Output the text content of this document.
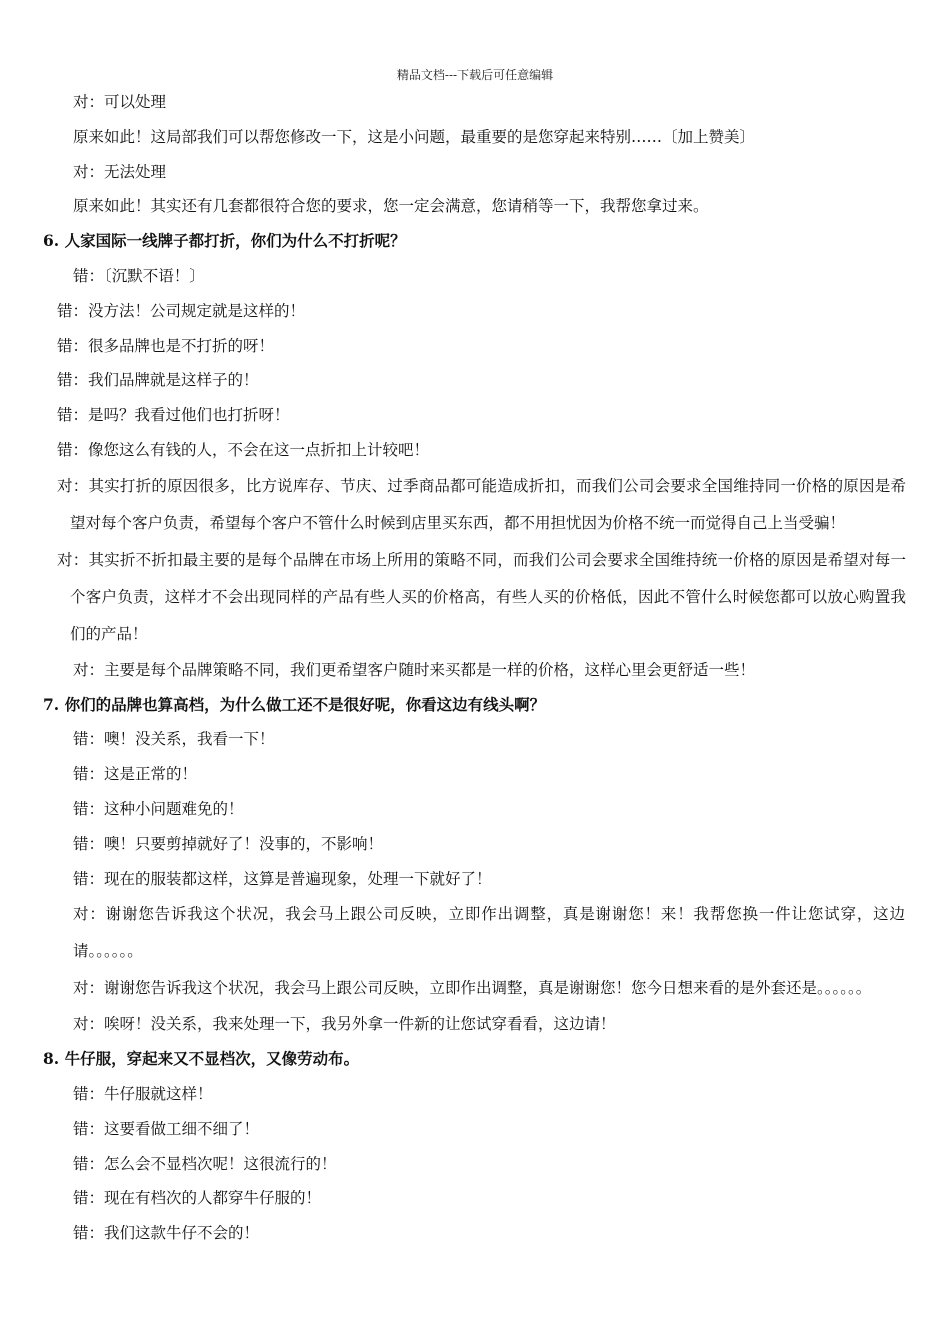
精品文档---下载后可任意编辑
对：可以处理
原来如此！这局部我们可以帮您修改一下，这是小问题，最重要的是您穿起来特别……〔加上赞美〕
对：无法处理
原来如此！其实还有几套都很符合您的要求，您一定会满意，您请稍等一下，我帮您拿过来。
6. 人家国际一线牌子都打折，你们为什么不打折呢？
错：〔沉默不语！〕
错：没方法！公司规定就是这样的！
错：很多品牌也是不打折的呀！
错：我们品牌就是这样子的！
错：是吗？我看过他们也打折呀！
错：像您这么有钱的人，不会在这一点折扣上计较吧！
对：其实打折的原因很多，比方说库存、节庆、过季商品都可能造成折扣，而我们公司会要求全国维持同一价格的原因是希望对每个客户负责，希望每个客户不管什么时候到店里买东西，都不用担忧因为价格不统一而觉得自己上当受骗！
对：其实折不折扣最主要的是每个品牌在市场上所用的策略不同，而我们公司会要求全国维持统一价格的原因是希望对每一个客户负责，这样才不会出现同样的产品有些人买的价格高，有些人买的价格低，因此不管什么时候您都可以放心购置我们的产品！
对：主要是每个品牌策略不同，我们更希望客户随时来买都是一样的价格，这样心里会更舒适一些！
7. 你们的品牌也算高档，为什么做工还不是很好呢，你看这边有线头啊？
错：噢！没关系，我看一下！
错：这是正常的！
错：这种小问题难免的！
错：噢！只要剪掉就好了！没事的，不影响！
错：现在的服装都这样，这算是普遍现象，处理一下就好了！
对：谢谢您告诉我这个状况，我会马上跟公司反映，立即作出调整，真是谢谢您！来！我帮您换一件让您试穿，这边请。。。。。。
对：谢谢您告诉我这个状况，我会马上跟公司反映，立即作出调整，真是谢谢您！您今日想来看的是外套还是。。。。。。
对：唉呀！没关系，我来处理一下，我另外拿一件新的让您试穿看看，这边请！
8. 牛仔服，穿起来又不显档次，又像劳动布。
错：牛仔服就这样！
错：这要看做工细不细了！
错：怎么会不显档次呢！这很流行的！
错：现在有档次的人都穿牛仔服的！
错：我们这款牛仔不会的！
